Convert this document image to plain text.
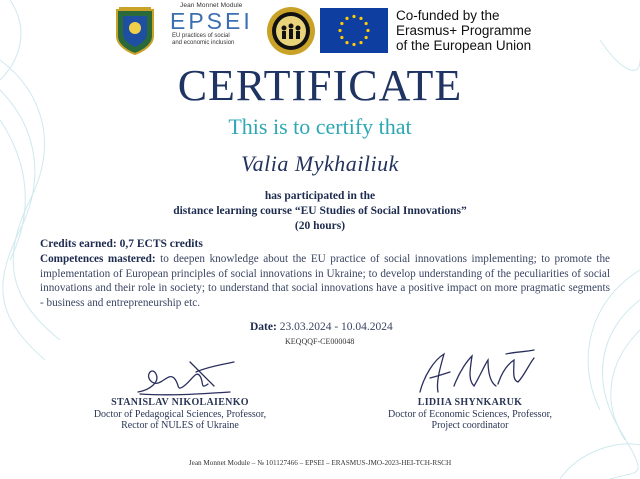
Jean Monnet Module
EPSEI
EU practices of social
and economic inclusion
Co-funded by the
Erasmus+ Programme
of the European Union
CERTIFICATE
This is to certify that
Valia Mykhailiuk
has participated in the
distance learning course “EU Studies of Social Innovations”
(20 hours)
Credits earned: 0,7 ECTS credits
Competences mastered: to deepen knowledge about the EU practice of social innovations implementing; to promote the implementation of European principles of social innovations in Ukraine; to develop understanding of the peculiarities of social innovations and their role in society; to understand that social innovations have a positive impact on more pragmatic segments - business and entrepreneurship etc.
Date: 23.03.2024 - 10.04.2024
KEQQQF-CE000048
STANISLAV NIKOLAIENKO
Doctor of Pedagogical Sciences, Professor,
Rector of NULES of Ukraine
LIDIIA SHYNKARUK
Doctor of Economic Sciences, Professor,
Project coordinator
Jean Monnet Module – № 101127466 – EPSEI – ERASMUS-JMO-2023-HEI-TCH-RSCH
